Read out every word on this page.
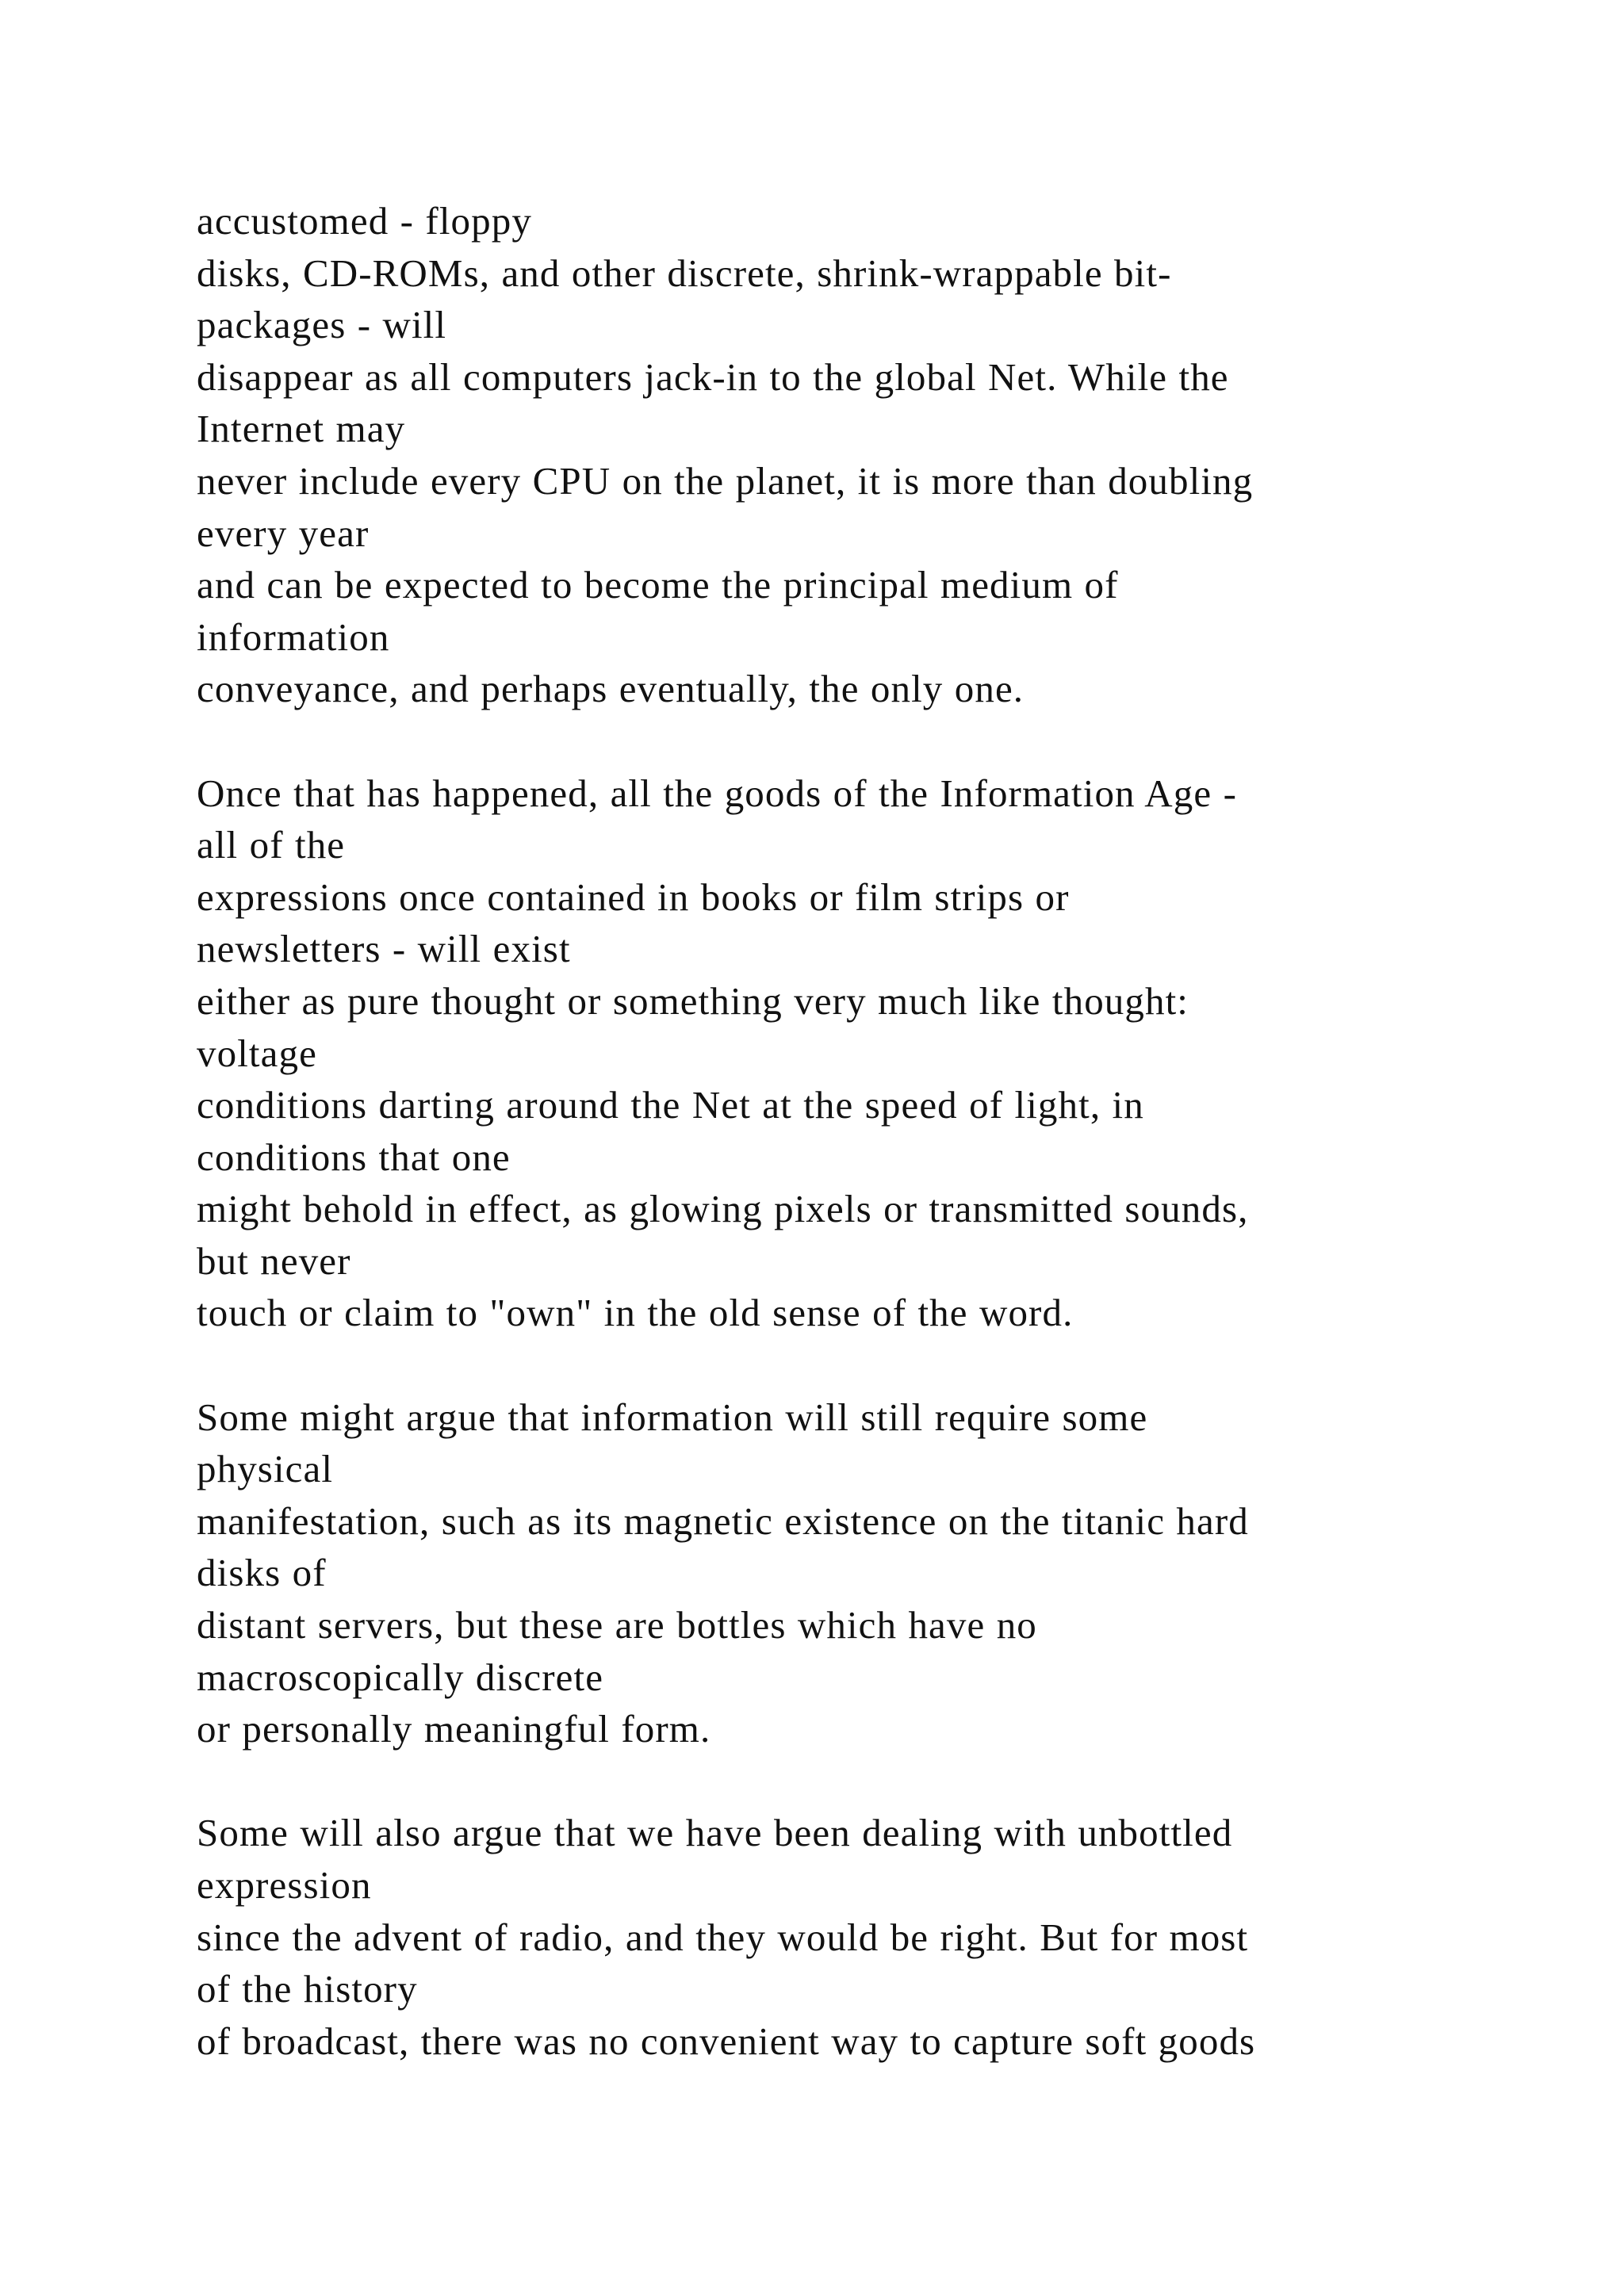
accustomed - floppy
disks, CD-ROMs, and other discrete, shrink-wrappable bit-
packages - will
disappear as all computers jack-in to the global Net. While the
Internet may
never include every CPU on the planet, it is more than doubling
every year
and can be expected to become the principal medium of
information
conveyance, and perhaps eventually, the only one.
Once that has happened, all the goods of the Information Age -
all of the
expressions once contained in books or film strips or
newsletters - will exist
either as pure thought or something very much like thought:
voltage
conditions darting around the Net at the speed of light, in
conditions that one
might behold in effect, as glowing pixels or transmitted sounds,
but never
touch or claim to "own" in the old sense of the word.
Some might argue that information will still require some
physical
manifestation, such as its magnetic existence on the titanic hard
disks of
distant servers, but these are bottles which have no
macroscopically discrete
or personally meaningful form.
Some will also argue that we have been dealing with unbottled
expression
since the advent of radio, and they would be right. But for most
of the history
of broadcast, there was no convenient way to capture soft goods
